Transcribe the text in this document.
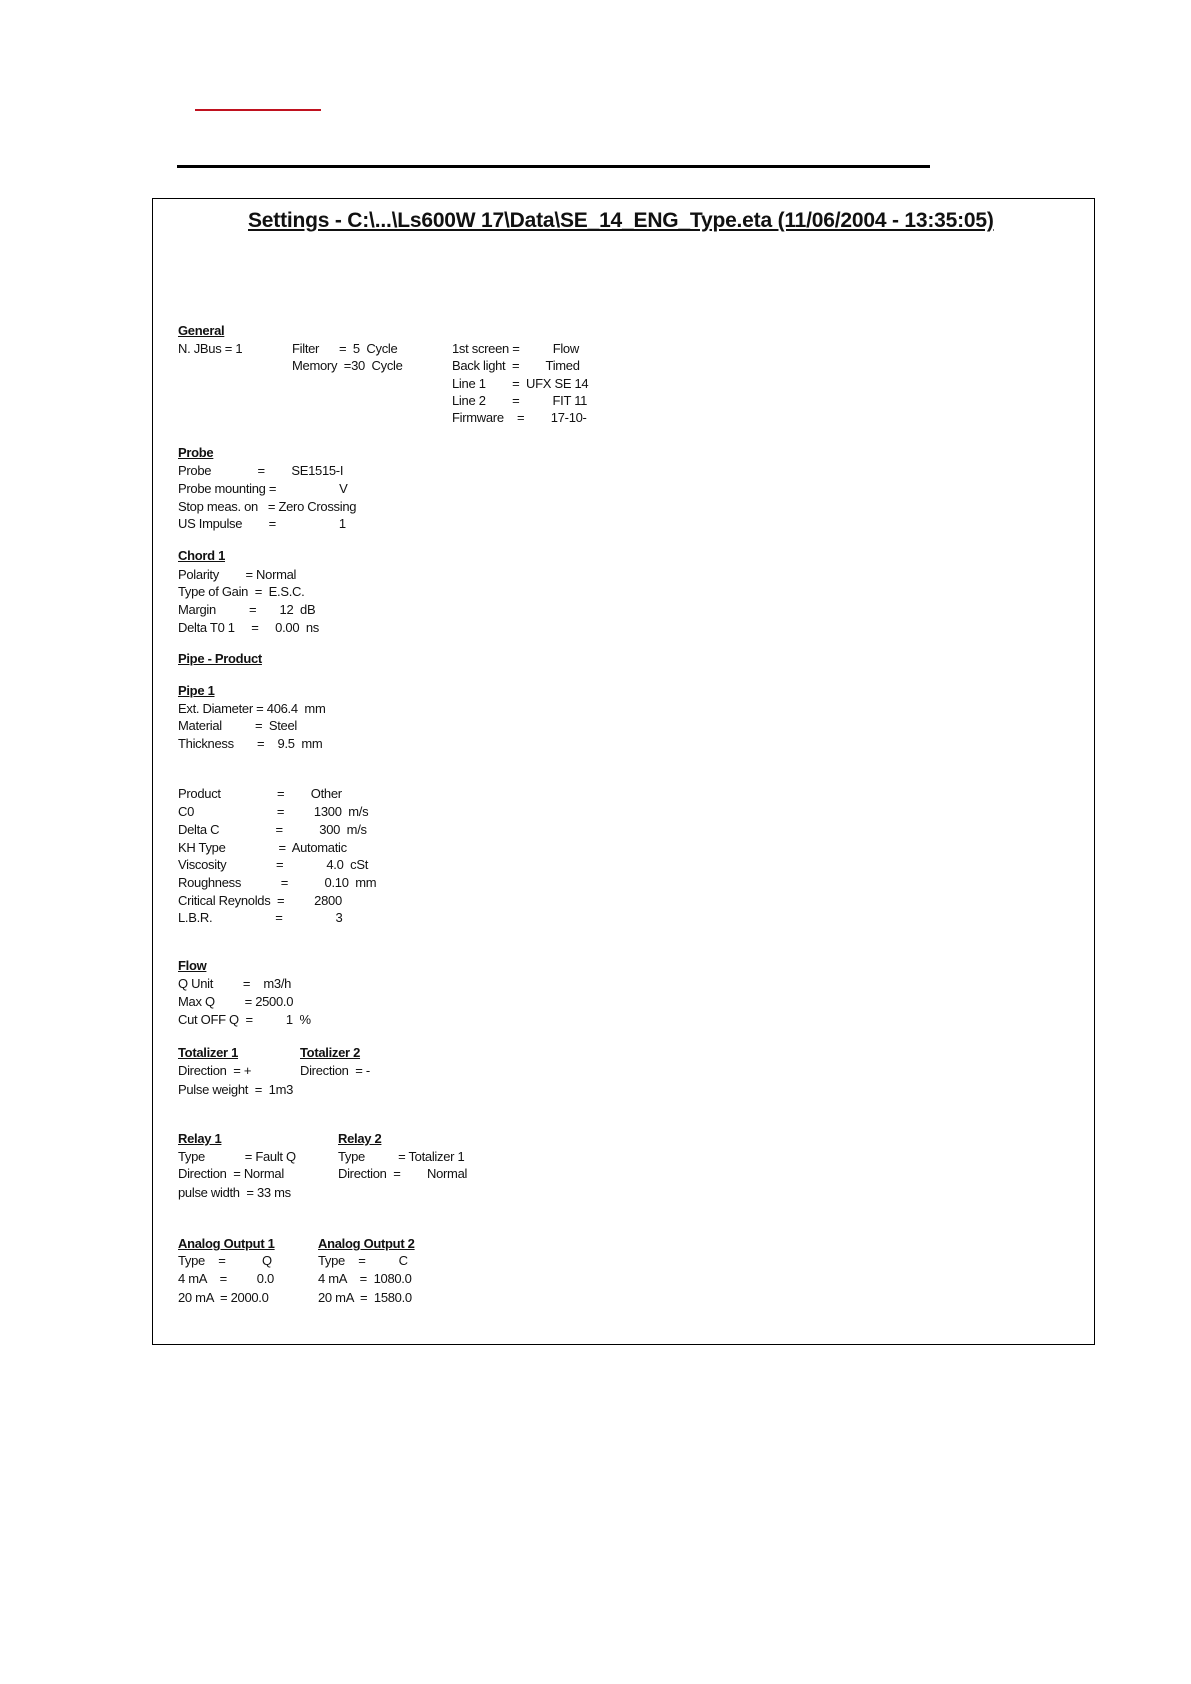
Settings - C:\...\Ls600W 17\Data\SE_14_ENG_Type.eta (11/06/2004 - 13:35:05)
General
N. JBus = 1	Filter      =  5  Cycle
Memory  =30  Cycle
1st screen =          Flow
Back light  =        Timed
Line 1        =  UFX SE 14
Line 2        =          FIT 11
Firmware    =        17-10-
Probe
Probe              =        SE1515-I
Probe mounting =                   V
Stop meas. on   = Zero Crossing
US Impulse        =                   1
Chord 1
Polarity        = Normal
Type of Gain  =  E.S.C.
Margin          =       12  dB
Delta T0 1     =     0.00  ns
Pipe - Product
Pipe 1
Ext. Diameter = 406.4  mm
Material          =  Steel
Thickness       =    9.5  mm
Product                 =        Other
C0                         =         1300  m/s
Delta C                 =           300  m/s
KH Type                =  Automatic
Viscosity               =             4.0  cSt
Roughness            =           0.10  mm
Critical Reynolds  =         2800
L.B.R.                   =                3
Flow
Q Unit         =    m3/h
Max Q         = 2500.0
Cut OFF Q  =          1  %
Totalizer 1	Totalizer 2
Direction  = +	Direction  = -
Pulse weight  =  1m3
Relay 1	Relay 2
Type            = Fault Q
Direction  = Normal
pulse width  = 33 ms
Type          = Totalizer 1
Direction  =        Normal
Analog Output 1	Analog Output 2
Type    =           Q
4 mA    =         0.0
20 mA  = 2000.0
Type    =          C
4 mA    =  1080.0
20 mA  =  1580.0
